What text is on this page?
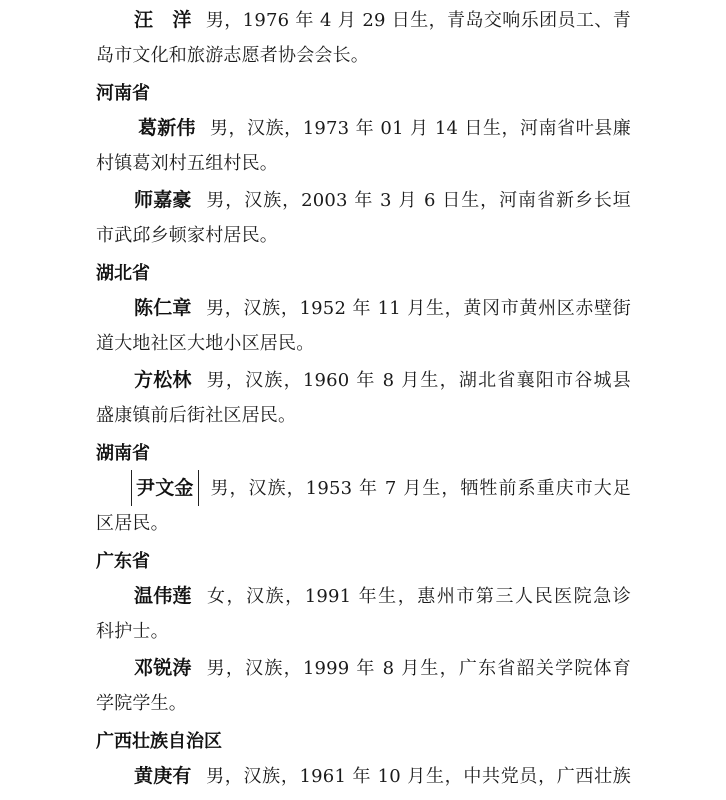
汪　洋 男，1976 年 4 月 29 日生，青岛交响乐团员工、青
岛市文化和旅游志愿者协会会长。
河南省
葛新伟 男，汉族，1973 年 01 月 14 日生，河南省叶县廉
村镇葛刘村五组村民。
师嘉豪 男，汉族，2003 年 3 月 6 日生，河南省新乡长垣
市武邱乡顿家村居民。
湖北省
陈仁章 男，汉族，1952 年 11 月生，黄冈市黄州区赤壁街
道大地社区大地小区居民。
方松林 男，汉族，1960 年 8 月生，湖北省襄阳市谷城县
盛康镇前后街社区居民。
湖南省
尹文金 男，汉族，1953 年 7 月生，牺牲前系重庆市大足
区居民。
广东省
温伟莲 女，汉族，1991 年生，惠州市第三人民医院急诊
科护士。
邓锐涛 男，汉族，1999 年 8 月生，广东省韶关学院体育
学院学生。
广西壮族自治区
黄庚有 男，汉族，1961 年 10 月生，中共党员，广西壮族
